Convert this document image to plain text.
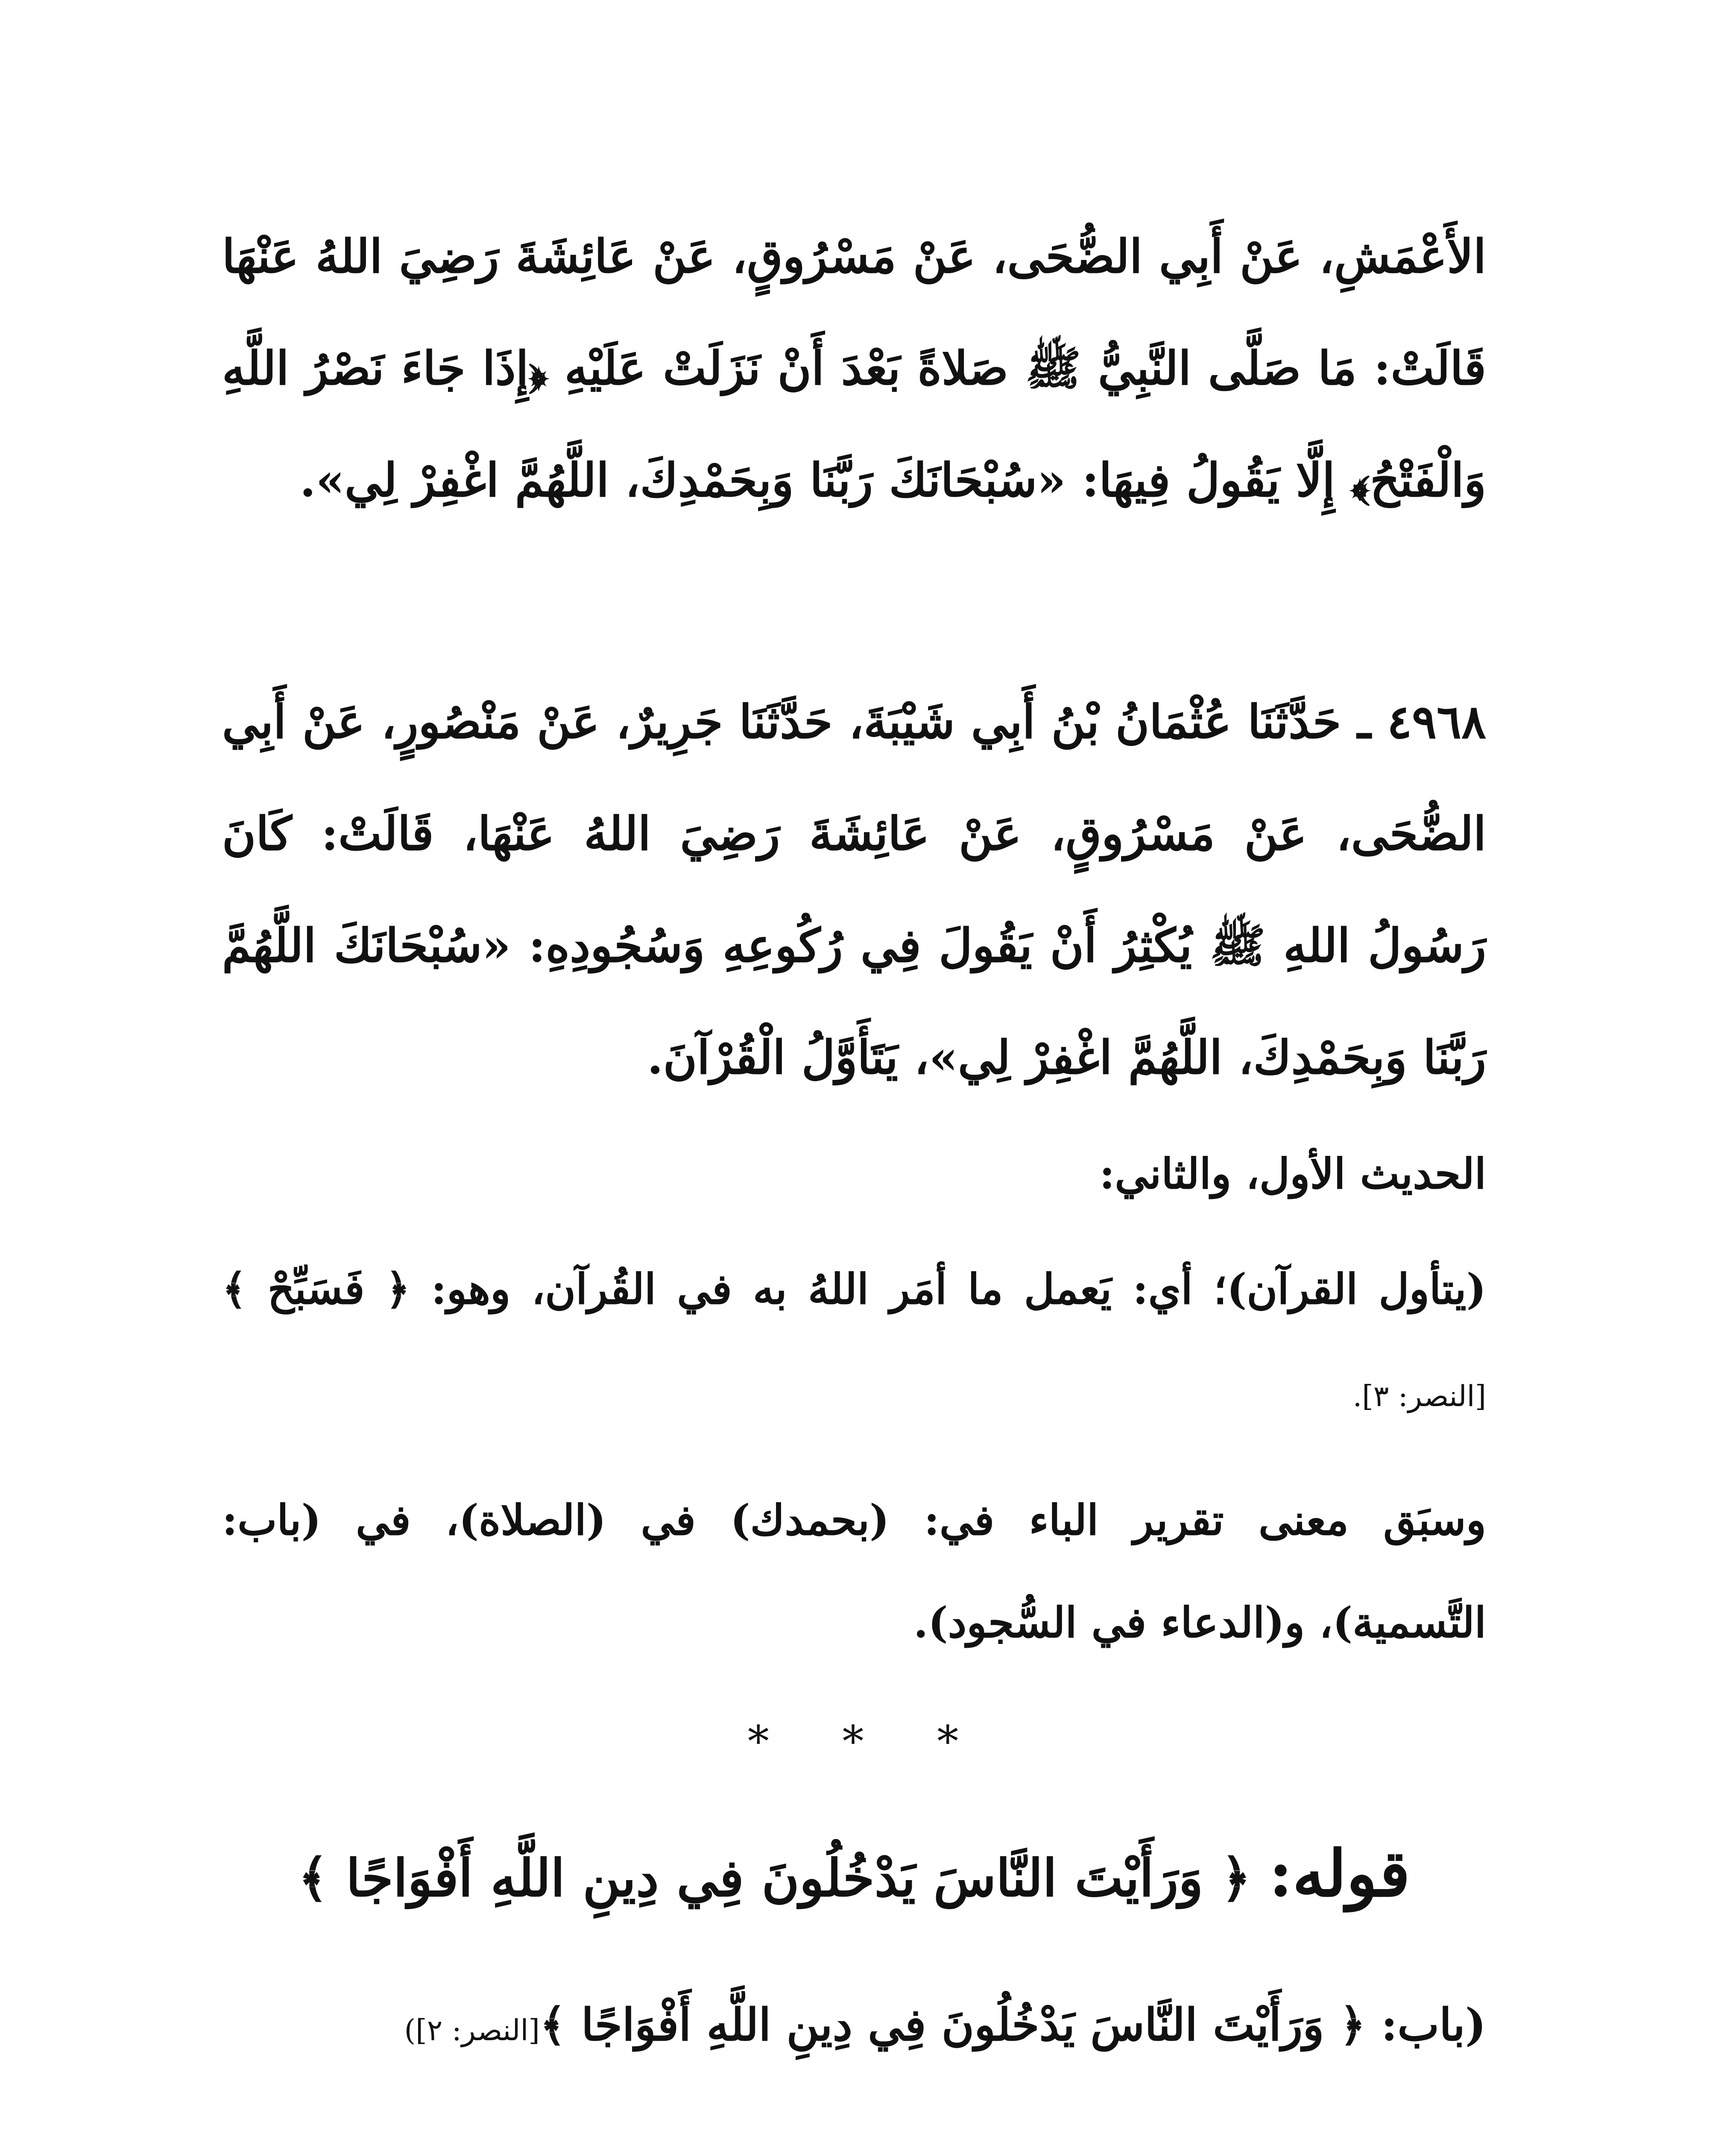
الأَعْمَشِ، عَنْ أَبِي الضُّحَى، عَنْ مَسْرُوقٍ، عَنْ عَائِشَةَ رَضِيَ اللهُ عَنْهَا قَالَتْ: مَا صَلَّى النَّبِيُّ ﷺ صَلاةً بَعْدَ أَنْ نَزَلَتْ عَلَيْهِ ﴿إِذَا جَاءَ نَصْرُ اللَّهِ وَالْفَتْحُ﴾ إِلَّا يَقُولُ فِيهَا: «سُبْحَانَكَ رَبَّنَا وَبِحَمْدِكَ، اللَّهُمَّ اغْفِرْ لِي».

٤٩٦٨ ـ حَدَّثَنَا عُثْمَانُ بْنُ أَبِي شَيْبَةَ، حَدَّثَنَا جَرِيرٌ، عَنْ مَنْصُورٍ، عَنْ أَبِي الضُّحَى، عَنْ مَسْرُوقٍ، عَنْ عَائِشَةَ رَضِيَ اللهُ عَنْهَا، قَالَتْ: كَانَ رَسُولُ اللهِ ﷺ يُكْثِرُ أَنْ يَقُولَ فِي رُكُوعِهِ وَسُجُودِهِ: «سُبْحَانَكَ اللَّهُمَّ رَبَّنَا وَبِحَمْدِكَ، اللَّهُمَّ اغْفِرْ لِي»، يَتَأَوَّلُ الْقُرْآنَ.

الحديث الأول، والثاني:

(يتأول القرآن)؛ أي: يَعمل ما أمَر اللهُ به في القُرآن، وهو: ﴿ فَسَبِّحْ ﴾[النصر: ٣].

وسبَق معنى تقرير الباء في: (بحمدك) في (الصلاة)، في (باب: التَّسمية)، و(الدعاء في السُّجود).

* * *
قوله: ﴿ وَرَأَيْتَ النَّاسَ يَدْخُلُونَ فِي دِينِ اللَّهِ أَفْوَاجًا ﴾
(باب: ﴿ وَرَأَيْتَ النَّاسَ يَدْخُلُونَ فِي دِينِ اللَّهِ أَفْوَاجًا ﴾[النصر: ٢])
